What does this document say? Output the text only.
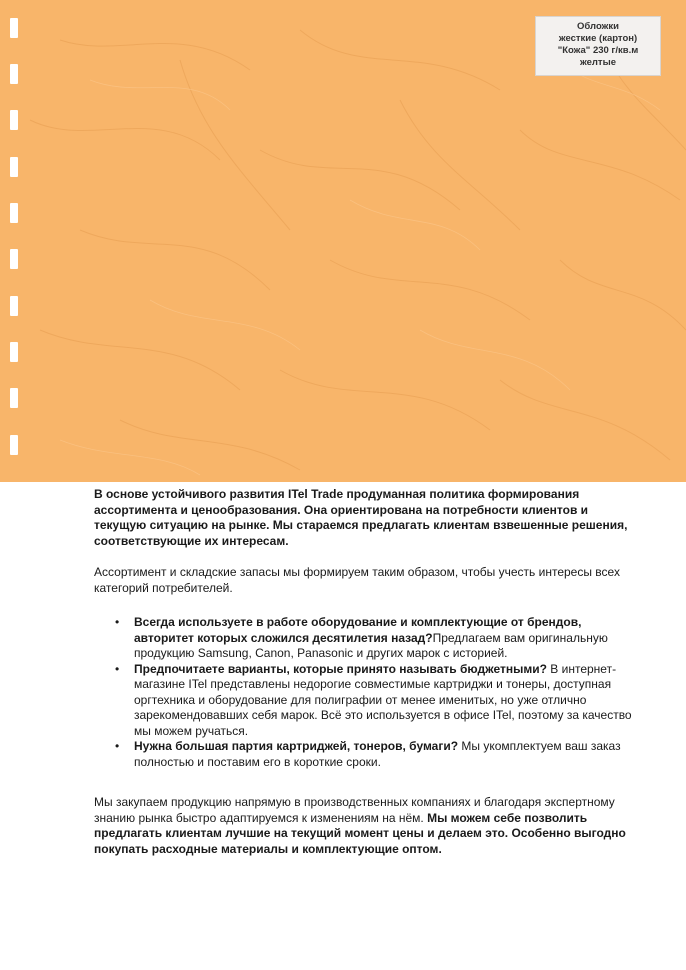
Обложки
жесткие (картон)
"Кожа" 230 г/кв.м
желтые

В основе устойчивого развития ITel Trade продуманная политика формирования ассортимента и ценообразования. Она ориентирована на потребности клиентов и текущую ситуацию на рынке. Мы стараемся предлагать клиентам взвешенные решения, соответствующие их интересам.

Ассортимент и складские запасы мы формируем таким образом, чтобы учесть интересы всех категорий потребителей.

• Всегда используете в работе оборудование и комплектующие от брендов, авторитет которых сложился десятилетия назад?Предлагаем вам оригинальную продукцию Samsung, Canon, Panasonic и других марок с историей.
• Предпочитаете варианты, которые принято называть бюджетными? В интернет-магазине ITel представлены недорогие совместимые картриджи и тонеры, доступная оргтехника и оборудование для полиграфии от менее именитых, но уже отлично зарекомендовавших себя марок. Всё это используется в офисе ITel, поэтому за качество мы можем ручаться.
• Нужна большая партия картриджей, тонеров, бумаги? Мы укомплектуем ваш заказ полностью и поставим его в короткие сроки.

Мы закупаем продукцию напрямую в производственных компаниях и благодаря экспертному знанию рынка быстро адаптируемся к изменениям на нём. Мы можем себе позволить предлагать клиентам лучшие на текущий момент цены и делаем это. Особенно выгодно покупать расходные материалы и комплектующие оптом.
